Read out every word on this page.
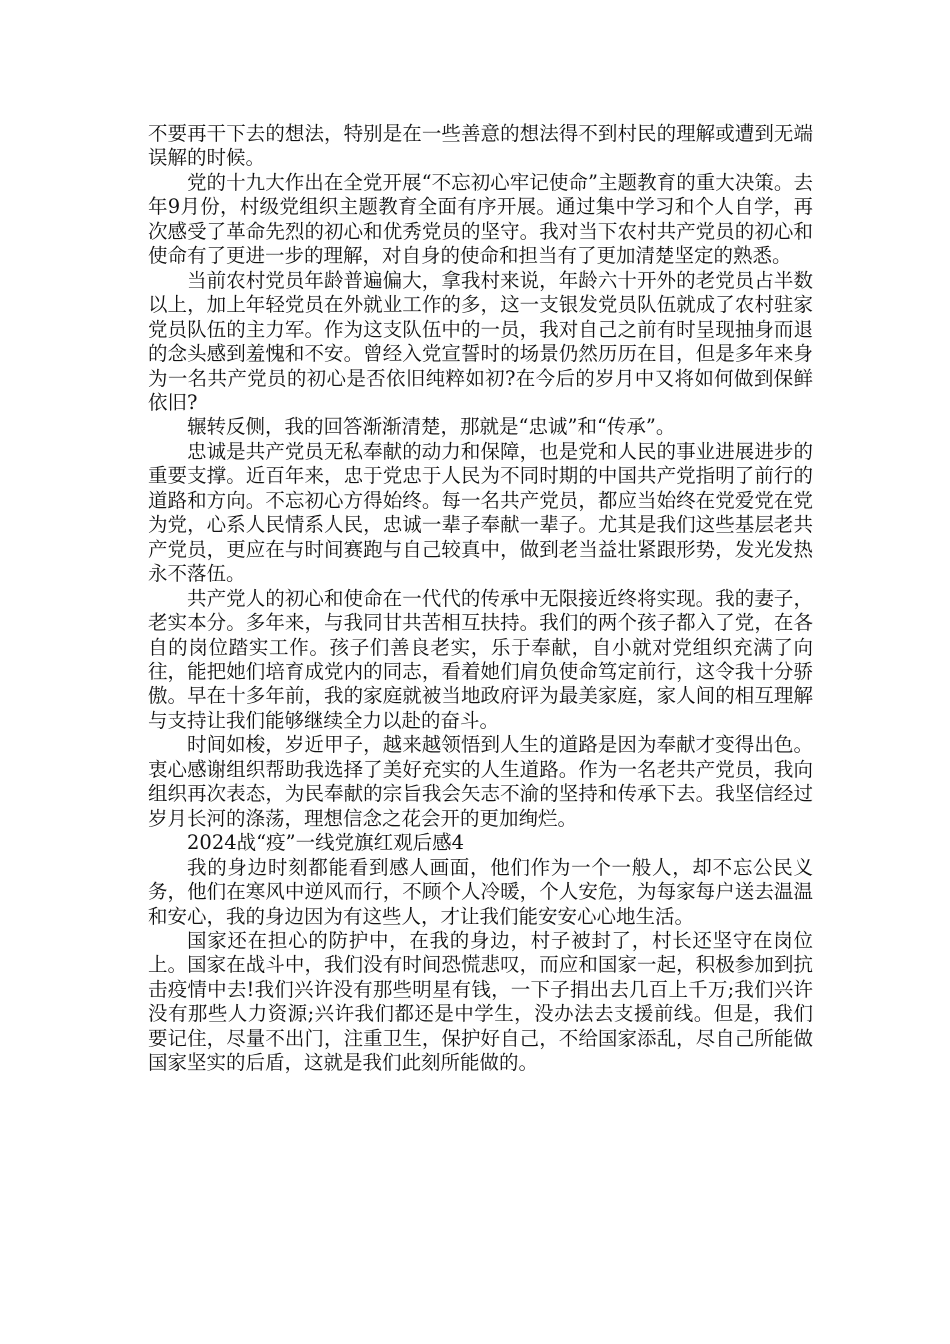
不要再干下去的想法，特别是在一些善意的想法得不到村民的理解或遭到无端误解的时候。

党的十九大作出在全党开展“不忘初心牢记使命”主题教育的重大决策。去年9月份，村级党组织主题教育全面有序开展。通过集中学习和个人自学，再次感受了革命先烈的初心和优秀党员的坚守。我对当下农村共产党员的初心和使命有了更进一步的理解，对自身的使命和担当有了更加清楚坚定的熟悉。

当前农村党员年龄普遍偏大，拿我村来说，年龄六十开外的老党员占半数以上，加上年轻党员在外就业工作的多，这一支银发党员队伍就成了农村驻家党员队伍的主力军。作为这支队伍中的一员，我对自己之前有时呈现抽身而退的念头感到羞愧和不安。曾经入党宣誓时的场景仍然历历在目，但是多年来身为一名共产党员的初心是否依旧纯粹如初?在今后的岁月中又将如何做到保鲜依旧?

辗转反侧，我的回答渐渐清楚，那就是“忠诚”和“传承”。

忠诚是共产党员无私奉献的动力和保障，也是党和人民的事业进展进步的重要支撑。近百年来，忠于党忠于人民为不同时期的中国共产党指明了前行的道路和方向。不忘初心方得始终。每一名共产党员，都应当始终在党爱党在党为党，心系人民情系人民，忠诚一辈子奉献一辈子。尤其是我们这些基层老共产党员，更应在与时间赛跑与自己较真中，做到老当益壮紧跟形势，发光发热永不落伍。

共产党人的初心和使命在一代代的传承中无限接近终将实现。我的妻子，老实本分。多年来，与我同甘共苦相互扶持。我们的两个孩子都入了党，在各自的岗位踏实工作。孩子们善良老实，乐于奉献，自小就对党组织充满了向往，能把她们培育成党内的同志，看着她们肩负使命笃定前行，这令我十分骄傲。早在十多年前，我的家庭就被当地政府评为最美家庭，家人间的相互理解与支持让我们能够继续全力以赴的奋斗。

时间如梭，岁近甲子，越来越领悟到人生的道路是因为奉献才变得出色。衷心感谢组织帮助我选择了美好充实的人生道路。作为一名老共产党员，我向组织再次表态，为民奉献的宗旨我会矢志不渝的坚持和传承下去。我坚信经过岁月长河的涤荡，理想信念之花会开的更加绚烂。

2024战“疫”一线党旗红观后感4

我的身边时刻都能看到感人画面，他们作为一个一般人，却不忘公民义务，他们在寒风中逆风而行，不顾个人冷暖，个人安危，为每家每户送去温温和安心，我的身边因为有这些人，才让我们能安安心心地生活。

国家还在担心的防护中，在我的身边，村子被封了，村长还坚守在岗位上。国家在战斗中，我们没有时间恐慌悲叹，而应和国家一起，积极参加到抗击疫情中去!我们兴许没有那些明星有钱，一下子捐出去几百上千万;我们兴许没有那些人力资源;兴许我们都还是中学生，没办法去支援前线。但是，我们要记住，尽量不出门，注重卫生，保护好自己，不给国家添乱，尽自己所能做国家坚实的后盾，这就是我们此刻所能做的。
